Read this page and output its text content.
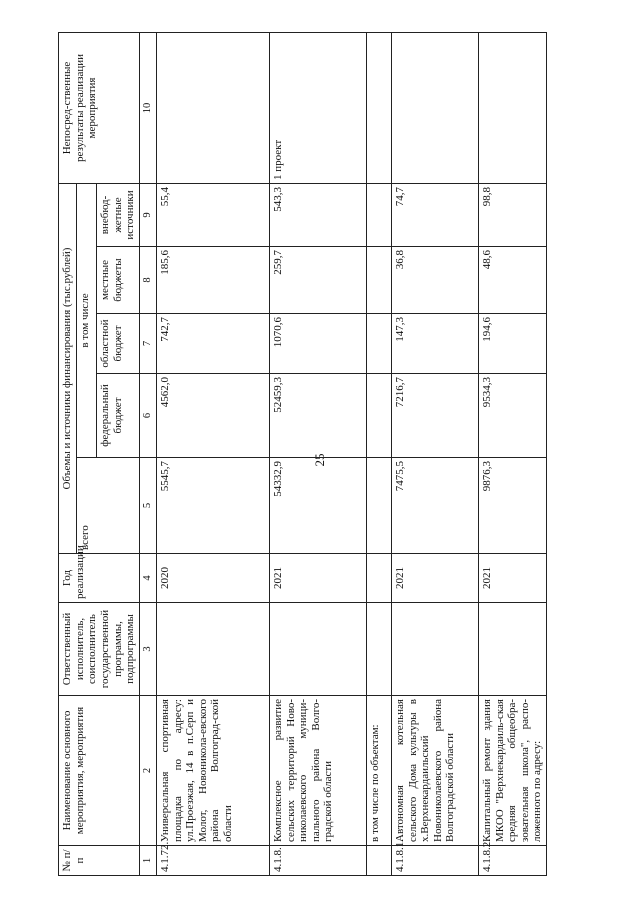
25
№ п/п	Наименование основного мероприятия, мероприятия	Ответственный исполнитель, соисполнитель государственной программы, подпрограммы	Год реализации	Объемы и источники финансирования (тыс.рублей)					Непосред-ственные результаты реализации мероприятия
				всего	в том числе				
					федеральный бюджет	областной бюджет	местные бюджеты	внебюд-жетные источники	
1	2	3	4	5	6	7	8	9	10
4.1.72.	Универсальная спортивная площадка по адресу: ул.Проезжая, 14 в п.Серп и Молот, Новоникола-евского района Волгоград-ской области		2020	5545,7	4562,0	742,7	185,6	55,4	
4.1.8.	Комплексное развитие сельских территорий Ново-николаевского муници-пального района Волго-градской области		2021	54332,9	52459,3	1070,6	259,7	543,3	1 проект
	в том числе по объектам:								
4.1.8.1.	Автономная котельная сельского Дома культуры в х.Верхнекардаильский Новониколаевского района Волгоградской области		2021	7475,5	7216,7	147,3	36,8	74,7	
4.1.8.2.	Капитальный ремонт здания МКОО "Верхнекардаиль-ская средняя общеобра-зовательная школа", распо-ложенного по адресу:		2021	9876,3	9534,3	194,6	48,6	98,8	
